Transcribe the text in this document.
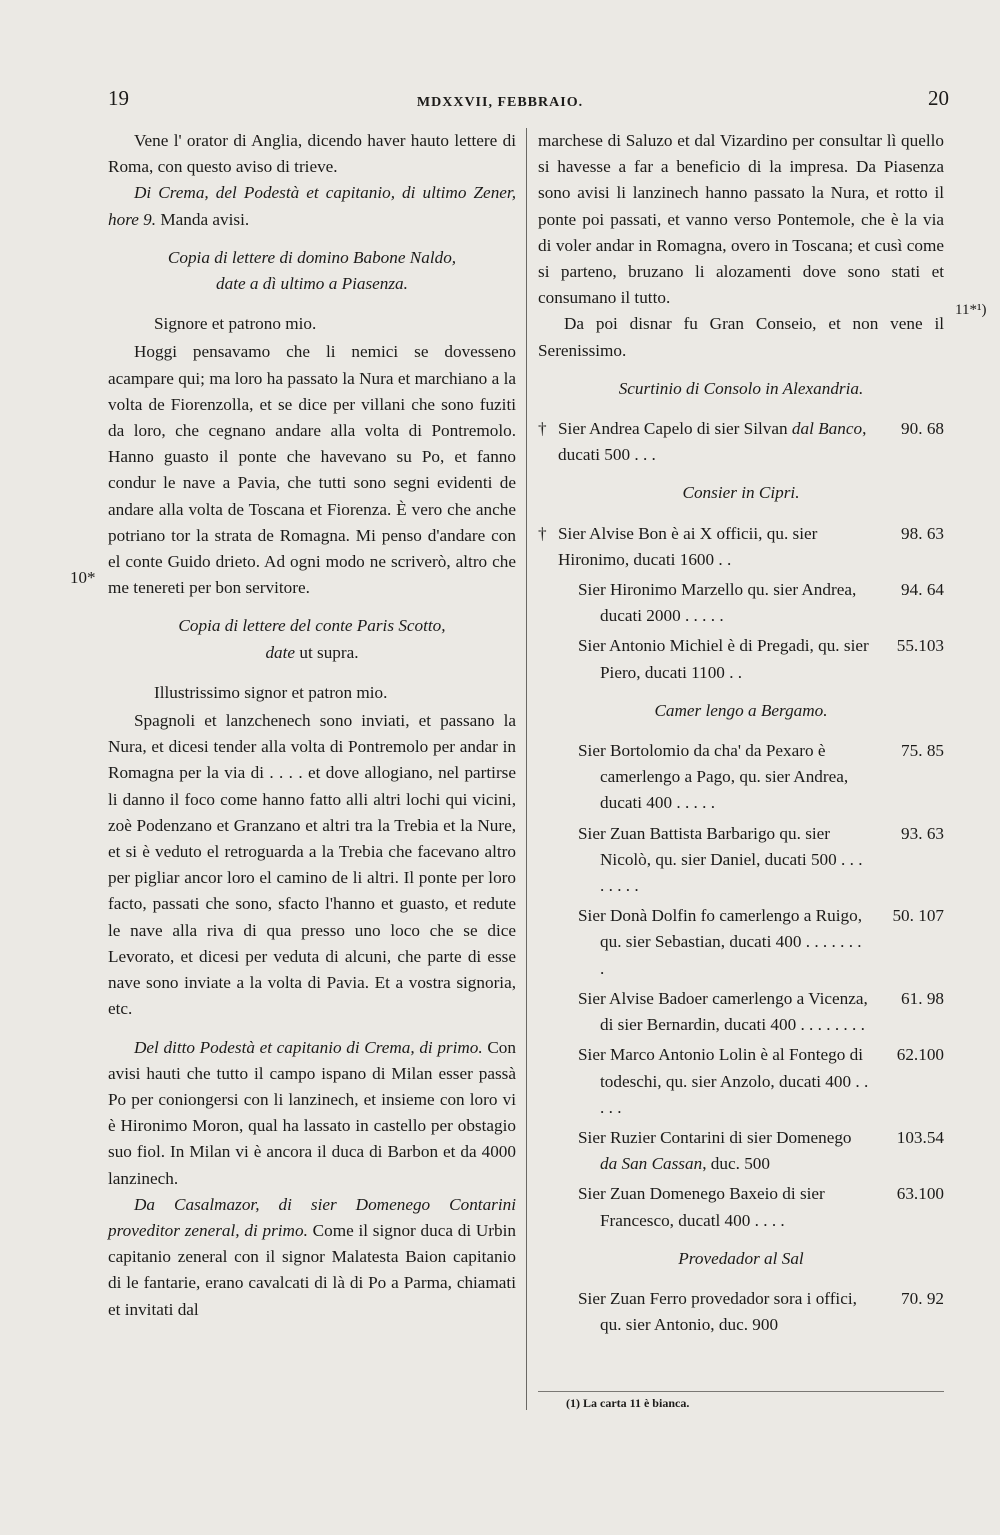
19	MDXXVII, FEBBRAIO.	20
10*
11*¹)

Vene l' orator di Anglia, dicendo haver hauto lettere di Roma, con questo aviso di trieve.

Di Crema, del Podestà et capitanio, di ultimo Zener, hore 9. Manda avisi.

Copia di lettere di domino Babone Naldo,
date a dì ultimo a Piasenza.

Signore et patrono mio.

Hoggi pensavamo che li nemici se dovesseno acampare qui; ma loro ha passato la Nura et marchiano a la volta de Fiorenzolla, et se dice per villani che sono fuziti da loro, che cegnano andare alla volta di Pontremolo. Hanno guasto il ponte che havevano su Po, et fanno condur le nave a Pavia, che tutti sono segni evidenti de andare alla volta de Toscana et Fiorenza. È vero che anche potriano tor la strata de Romagna. Mi penso d'andare con el conte Guido drieto. Ad ogni modo ne scriverò, altro che me tenereti per bon servitore.

Copia di lettere del conte Paris Scotto,
date ut supra.

Illustrissimo signor et patron mio.

Spagnoli et lanzchenech sono inviati, et passano la Nura, et dicesi tender alla volta di Pontremolo per andar in Romagna per la via di . . . . et dove allogiano, nel partirse li danno il foco come hanno fatto alli altri lochi qui vicini, zoè Podenzano et Granzano et altri tra la Trebia et la Nure, et si è veduto el retroguarda a la Trebia che facevano altro per pigliar ancor loro el camino de li altri. Il ponte per loro facto, passati che sono, sfacto l'hanno et guasto, et redute le nave alla riva di qua presso uno loco che se dice Levorato, et dicesi per veduta di alcuni, che parte di esse nave sono inviate a la volta di Pavia. Et a vostra signoria, etc.

Del ditto Podestà et capitanio di Crema, di primo. Con avisi hauti che tutto il campo ispano di Milan esser passà Po per coniongersi con li lanzinech, et insieme con loro vi è Hironimo Moron, qual ha lassato in castello per obstagio suo fiol. In Milan vi è ancora il duca di Barbon et da 4000 lanzinech.

Da Casalmazor, di sier Domenego Contarini proveditor zeneral, di primo. Come il signor duca di Urbin capitanio zeneral con il signor Malatesta Baion capitanio di le fantarie, erano cavalcati di là di Po a Parma, chiamati et invitati dal

marchese di Saluzo et dal Vizardino per consultar lì quello si havesse a far a beneficio di la impresa. Da Piasenza sono avisi li lanzinech hanno passato la Nura, et rotto il ponte poi passati, et vanno verso Pontemole, che è la via di voler andar in Romagna, overo in Toscana; et cusì come si parteno, bruzano li alozamenti dove sono stati et consumano il tutto.

Da poi disnar fu Gran Conseio, et non vene il Serenissimo.

Scurtinio di Consolo in Alexandria.
† Sier Andrea Capelo di sier Silvan dal Banco, ducati 500 . . .
90. 68
Consier in Cipri.
† Sier Alvise Bon è ai X officii, qu. sier Hironimo, ducati 1600 . .
98. 63
Sier Hironimo Marzello qu. sier Andrea, ducati 2000 . . . . .
94. 64
Sier Antonio Michiel è di Pregadi, qu. sier Piero, ducati 1100 . .
55.103
Camer lengo a Bergamo.
Sier Bortolomio da cha' da Pexaro è camerlengo a Pago, qu. sier Andrea, ducati 400 . . . . .
75. 85
Sier Zuan Battista Barbarigo qu. sier Nicolò, qu. sier Daniel, ducati 500 . . . . . . . .
93. 63
Sier Donà Dolfin fo camerlengo a Ruigo, qu. sier Sebastian, ducati 400 . . . . . . . .
50. 107
Sier Alvise Badoer camerlengo a Vicenza, di sier Bernardin, ducati 400 . . . . . . . .
61. 98
Sier Marco Antonio Lolin è al Fontego di todeschi, qu. sier Anzolo, ducati 400 . . . . .
62.100
Sier Ruzier Contarini di sier Domenego da San Cassan, duc. 500
103.54
Sier Zuan Domenego Baxeio di sier Francesco, ducatl 400 . . . .
63.100
Provedador al Sal
Sier Zuan Ferro provedador sora i offici, qu. sier Antonio, duc. 900
70. 92
(1) La carta 11 è bianca.
